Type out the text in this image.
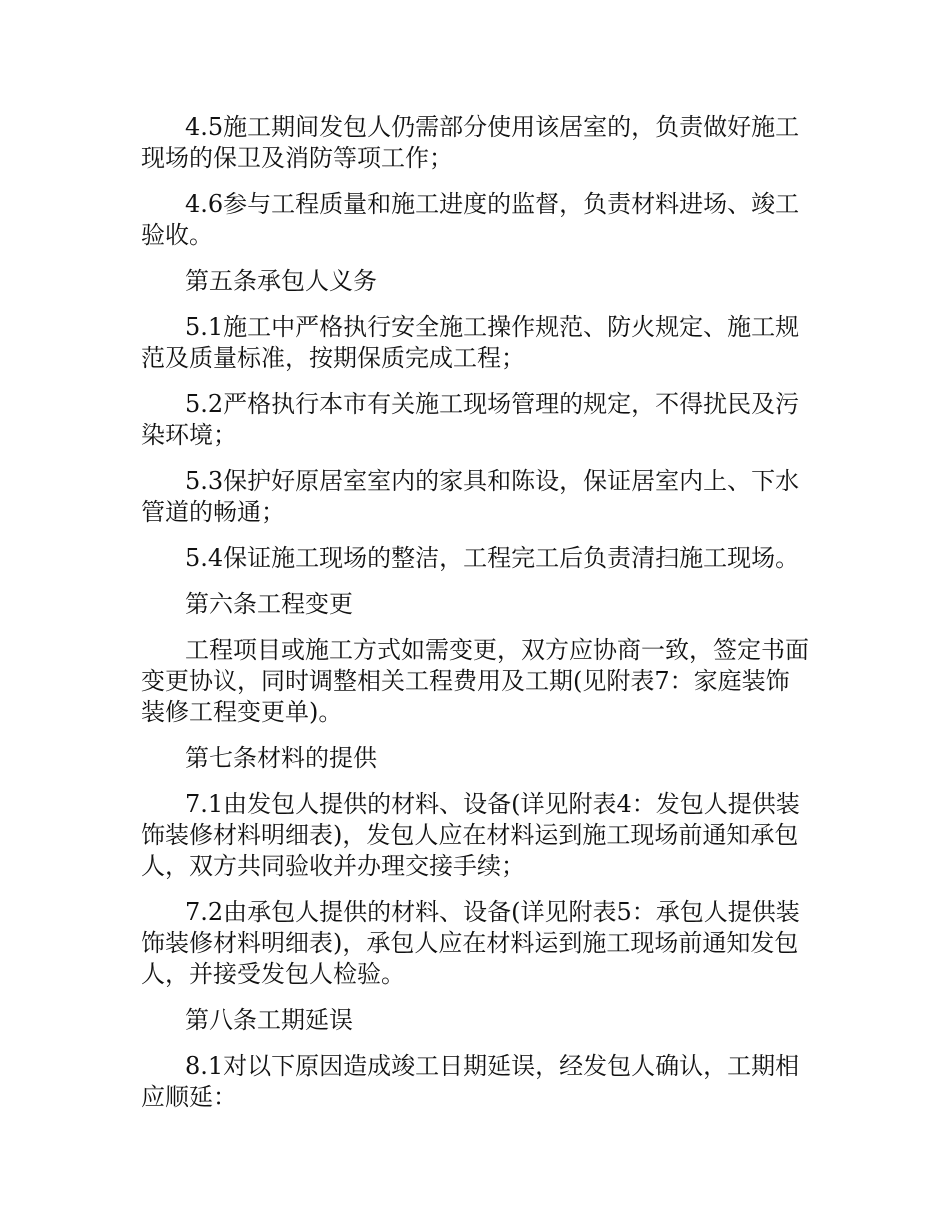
4.5施工期间发包人仍需部分使用该居室的，负责做好施工现场的保卫及消防等项工作；

4.6参与工程质量和施工进度的监督，负责材料进场、竣工验收。

第五条承包人义务

5.1施工中严格执行安全施工操作规范、防火规定、施工规范及质量标准，按期保质完成工程；

5.2严格执行本市有关施工现场管理的规定，不得扰民及污染环境；

5.3保护好原居室室内的家具和陈设，保证居室内上、下水管道的畅通；

5.4保证施工现场的整洁，工程完工后负责清扫施工现场。

第六条工程变更

工程项目或施工方式如需变更，双方应协商一致，签定书面变更协议，同时调整相关工程费用及工期(见附表7：家庭装饰装修工程变更单)。

第七条材料的提供

7.1由发包人提供的材料、设备(详见附表4：发包人提供装饰装修材料明细表)，发包人应在材料运到施工现场前通知承包人，双方共同验收并办理交接手续；

7.2由承包人提供的材料、设备(详见附表5：承包人提供装饰装修材料明细表)，承包人应在材料运到施工现场前通知发包人，并接受发包人检验。

第八条工期延误

8.1对以下原因造成竣工日期延误，经发包人确认，工期相应顺延：
